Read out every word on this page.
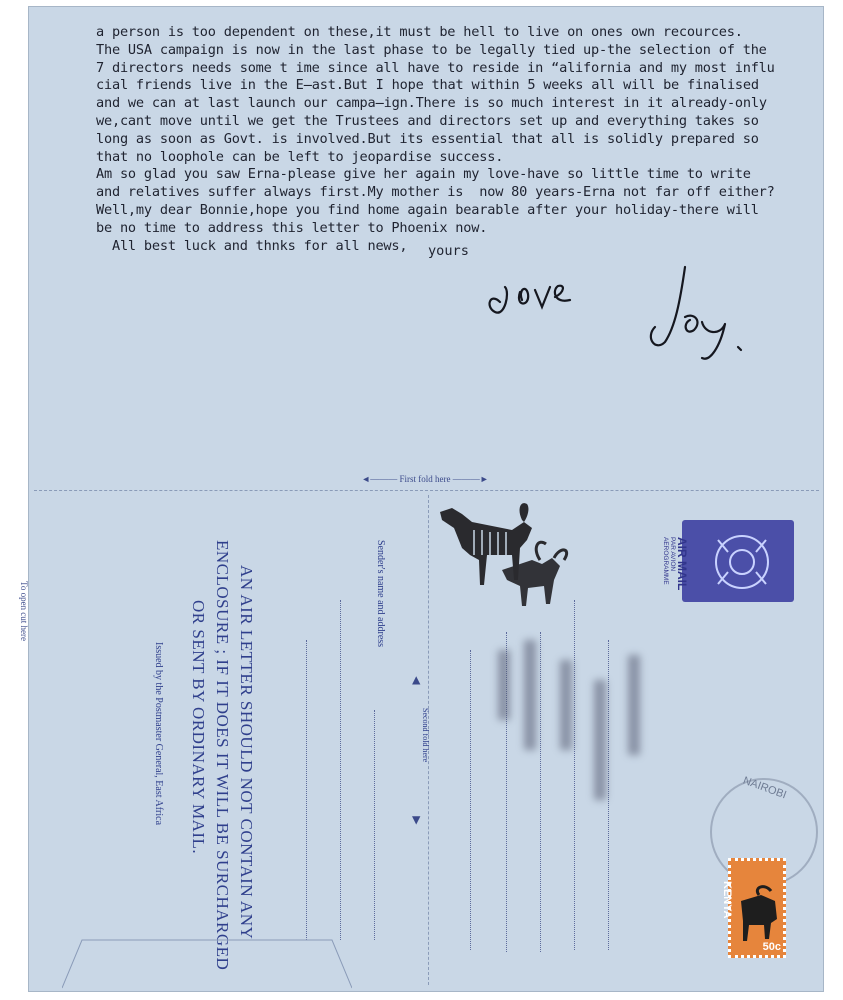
a person is too dependent on these,it must be hell to live on ones own recources.
The USA campaign is now in the last phase to be legally tied up-the selection of the
7 directors needs some t ime since all have to reside in “alifornia and my most influ
cial friends live in the E̶ast.But I hope that within 5 weeks all will be finalised
and we can at last launch our campa̶ign.There is so much interest in it already-only
we,cant move until we get the Trustees and directors set up and everything takes so
long as soon as Govt. is involved.But its essential that all is solidly prepared so
that no loophole can be left to jeopardise success.
Am so glad you saw Erna-please give her again my love-have so little time to write
and relatives suffer always first.My mother is  now 80 years-Erna not far off either?
Well,my dear Bonnie,hope you find home again bearable after your holiday-there will
be no time to address this letter to Phoenix now.
All best luck and thnks for all news,	yours
◄——— First fold here ———►
To open cut here	AN AIR LETTER SHOULD NOT CONTAIN ANY
ENCLOSURE ; IF IT DOES IT WILL BE SURCHARGED
OR SENT BY ORDINARY MAIL.
Issued by the Postmaster General, East Africa
Sender's name and address
Second fold here
▲
▼
AIR MAIL
PAR AVION
AEROGRAMME
NAIROBI
KENYA
50c
